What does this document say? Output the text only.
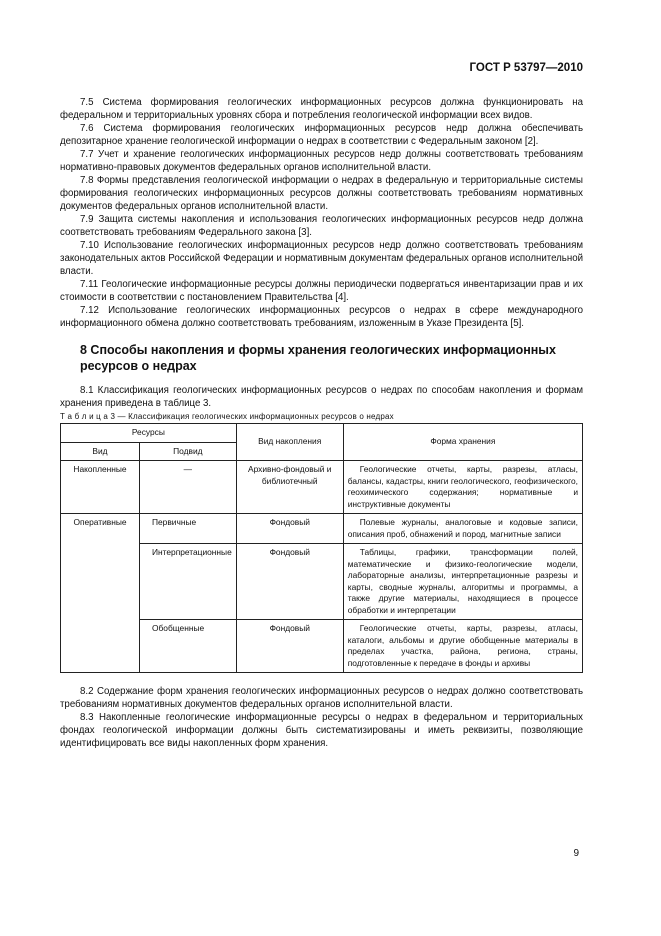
ГОСТ Р 53797—2010

7.5 Система формирования геологических информационных ресурсов должна функционировать на федеральном и территориальных уровнях сбора и потребления геологической информации всех видов.

7.6 Система формирования геологических информационных ресурсов недр должна обеспечивать депозитарное хранение геологической информации о недрах в соответствии с Федеральным законом [2].

7.7 Учет и хранение геологических информационных ресурсов недр должны соответствовать требованиям нормативно-правовых документов федеральных органов исполнительной власти.

7.8 Формы представления геологической информации о недрах в федеральную и территориальные системы формирования геологических информационных ресурсов должны соответствовать требованиям нормативных документов федеральных органов исполнительной власти.

7.9 Защита системы накопления и использования геологических информационных ресурсов недр должна соответствовать требованиям Федерального закона [3].

7.10 Использование геологических информационных ресурсов недр должно соответствовать требованиям законодательных актов Российской Федерации и нормативным документам федеральных органов исполнительной власти.

7.11 Геологические информационные ресурсы должны периодически подвергаться инвентаризации прав и их стоимости в соответствии с постановлением Правительства [4].

7.12 Использование геологических информационных ресурсов о недрах в сфере международного информационного обмена должно соответствовать требованиям, изложенным в Указе Президента [5].

8 Способы накопления и формы хранения геологических информационных ресурсов о недрах

8.1 Классификация геологических информационных ресурсов о недрах по способам накопления и формам хранения приведена в таблице 3.

Т а б л и ц а 3 — Классификация геологических информационных ресурсов о недрах

Ресурсы		Вид накопления	Форма хранения
Вид	Подвид		
Накопленные	—	Архивно-фондовый и библиотечный	Геологические отчеты, карты, разрезы, атласы, балансы, кадастры, книги геологического, геофизического, геохимического содержания; нормативные и инструктивные документы
Оперативные	Первичные	Фондовый	Полевые журналы, аналоговые и кодовые записи, описания проб, обнажений и пород, магнитные записи
	Интерпретационные	Фондовый	Таблицы, графики, трансформации полей, математические и физико-геологические модели, лабораторные анализы, интерпретационные разрезы и карты, сводные журналы, алгоритмы и программы, а также другие материалы, находящиеся в процессе обработки и интерпретации
	Обобщенные	Фондовый	Геологические отчеты, карты, разрезы, атласы, каталоги, альбомы и другие обобщенные материалы в пределах участка, района, региона, страны, подготовленные к передаче в фонды и архивы

8.2 Содержание форм хранения геологических информационных ресурсов о недрах должно соответствовать требованиям нормативных документов федеральных органов исполнительной власти.

8.3 Накопленные геологические информационные ресурсы о недрах в федеральном и территориальных фондах геологической информации должны быть систематизированы и иметь реквизиты, позволяющие идентифицировать все виды накопленных форм хранения.

9
